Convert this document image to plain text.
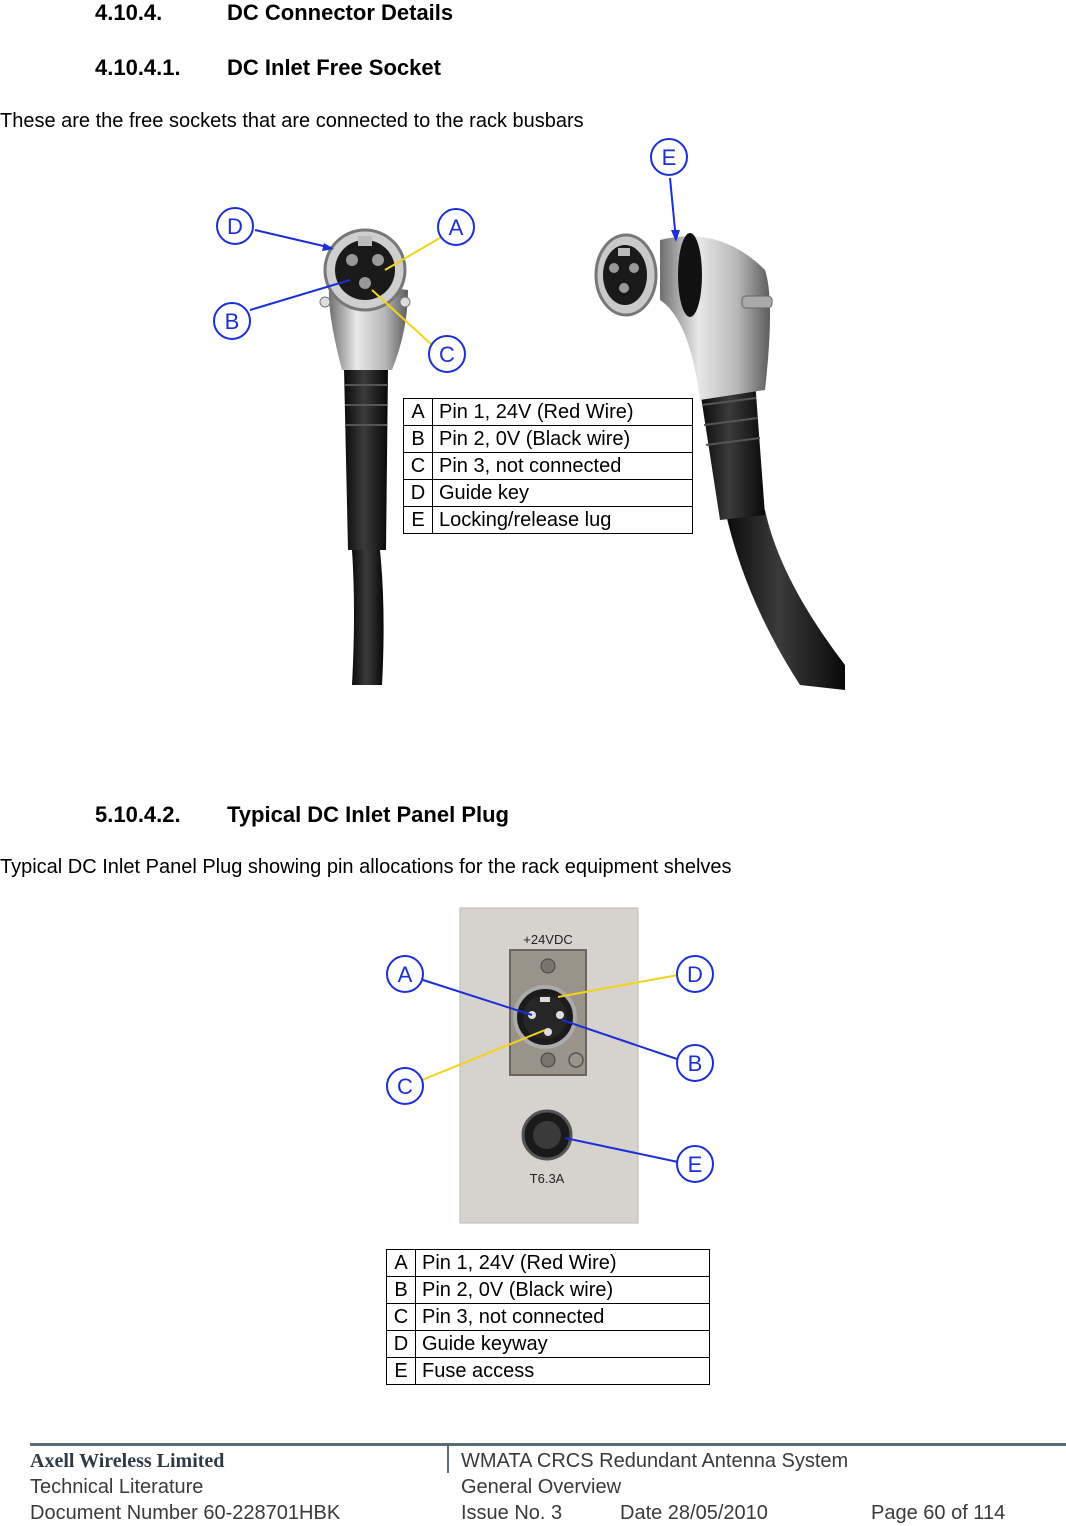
4.10.4.	DC Connector Details
4.10.4.1. DC Inlet Free Socket
These are the free sockets that are connected to the rack busbars
D	A
B
C
E
A	Pin 1, 24V (Red Wire)
B	Pin 2, 0V (Black wire)
C	Pin 3, not connected
D	Guide key
E	Locking/release lug
5.10.4.2. Typical DC Inlet Panel Plug
Typical DC Inlet Panel Plug showing pin allocations for the rack equipment shelves
+24VDC
T6.3A
A	D
B
C
E
A	Pin 1, 24V (Red Wire)
B	Pin 2, 0V (Black wire)
C	Pin 3, not connected
D	Guide keyway
E	Fuse access
Axell Wireless Limited
Technical Literature
Document Number 60-228701HBK
WMATA CRCS Redundant Antenna System
General Overview
Issue No. 3	Date 28/05/2010	Page 60 of 114
